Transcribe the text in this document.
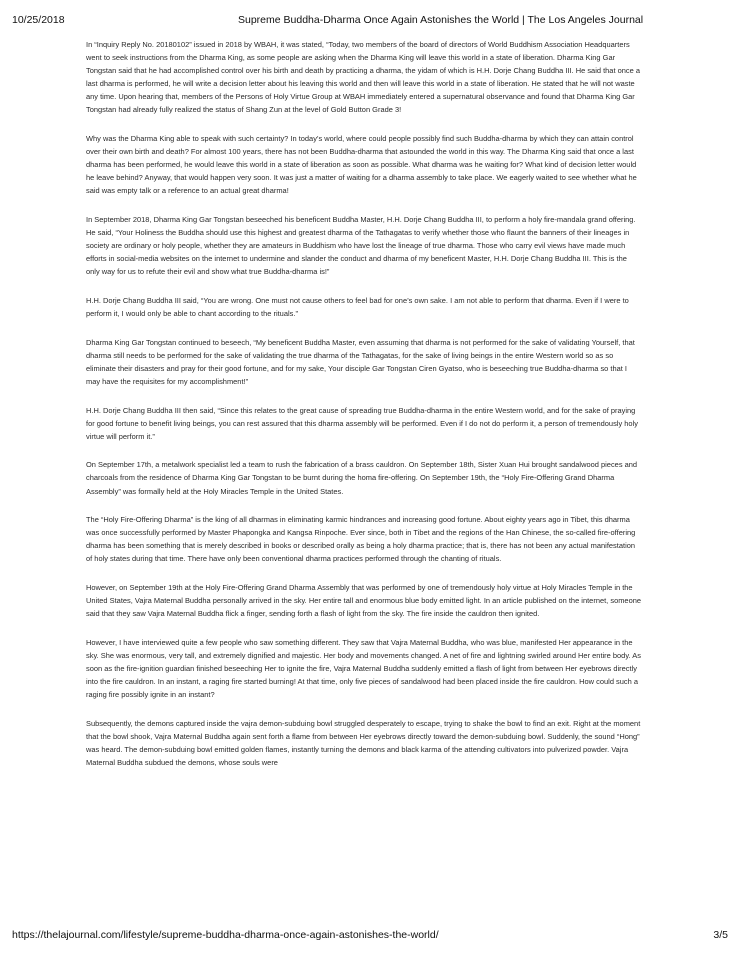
10/25/2018	Supreme Buddha-Dharma Once Again Astonishes the World | The Los Angeles Journal

In “Inquiry Reply No. 20180102” issued in 2018 by WBAH, it was stated, “Today, two members of the board of directors of World Buddhism Association Headquarters went to seek instructions from the Dharma King, as some people are asking when the Dharma King will leave this world in a state of liberation. Dharma King Gar Tongstan said that he had accomplished control over his birth and death by practicing a dharma, the yidam of which is H.H. Dorje Chang Buddha III. He said that once a last dharma is performed, he will write a decision letter about his leaving this world and then will leave this world in a state of liberation. He stated that he will not waste any time. Upon hearing that, members of the Persons of Holy Virtue Group at WBAH immediately entered a supernatural observance and found that Dharma King Gar Tongstan had already fully realized the status of Shang Zun at the level of Gold Button Grade 3!

Why was the Dharma King able to speak with such certainty? In today’s world, where could people possibly find such Buddha-dharma by which they can attain control over their own birth and death? For almost 100 years, there has not been Buddha-dharma that astounded the world in this way. The Dharma King said that once a last dharma has been performed, he would leave this world in a state of liberation as soon as possible. What dharma was he waiting for? What kind of decision letter would he leave behind? Anyway, that would happen very soon. It was just a matter of waiting for a dharma assembly to take place. We eagerly waited to see whether what he said was empty talk or a reference to an actual great dharma!

In September 2018, Dharma King Gar Tongstan beseeched his beneficent Buddha Master, H.H. Dorje Chang Buddha III, to perform a holy fire-mandala grand offering. He said, “Your Holiness the Buddha should use this highest and greatest dharma of the Tathagatas to verify whether those who flaunt the banners of their lineages in society are ordinary or holy people, whether they are amateurs in Buddhism who have lost the lineage of true dharma. Those who carry evil views have made much efforts in social-media websites on the internet to undermine and slander the conduct and dharma of my beneficent Master, H.H. Dorje Chang Buddha III. This is the only way for us to refute their evil and show what true Buddha-dharma is!”

H.H. Dorje Chang Buddha III said, “You are wrong. One must not cause others to feel bad for one’s own sake. I am not able to perform that dharma. Even if I were to perform it, I would only be able to chant according to the rituals.”

Dharma King Gar Tongstan continued to beseech, “My beneficent Buddha Master, even assuming that dharma is not performed for the sake of validating Yourself, that dharma still needs to be performed for the sake of validating the true dharma of the Tathagatas, for the sake of living beings in the entire Western world so as so eliminate their disasters and pray for their good fortune, and for my sake, Your disciple Gar Tongstan Ciren Gyatso, who is beseeching true Buddha-dharma so that I may have the requisites for my accomplishment!”

H.H. Dorje Chang Buddha III then said, “Since this relates to the great cause of spreading true Buddha-dharma in the entire Western world, and for the sake of praying for good fortune to benefit living beings, you can rest assured that this dharma assembly will be performed. Even if I do not do perform it, a person of tremendously holy virtue will perform it.”

On September 17th, a metalwork specialist led a team to rush the fabrication of a brass cauldron. On September 18th, Sister Xuan Hui brought sandalwood pieces and charcoals from the residence of Dharma King Gar Tongstan to be burnt during the homa fire-offering. On September 19th, the “Holy Fire-Offering Grand Dharma Assembly” was formally held at the Holy Miracles Temple in the United States.

The “Holy Fire-Offering Dharma” is the king of all dharmas in eliminating karmic hindrances and increasing good fortune. About eighty years ago in Tibet, this dharma was once successfully performed by Master Phapongka and Kangsa Rinpoche. Ever since, both in Tibet and the regions of the Han Chinese, the so-called fire-offering dharma has been something that is merely described in books or described orally as being a holy dharma practice; that is, there has not been any actual manifestation of holy states during that time. There have only been conventional dharma practices performed through the chanting of rituals.

However, on September 19th at the Holy Fire-Offering Grand Dharma Assembly that was performed by one of tremendously holy virtue at Holy Miracles Temple in the United States, Vajra Maternal Buddha personally arrived in the sky. Her entire tall and enormous blue body emitted light. In an article published on the internet, someone said that they saw Vajra Maternal Buddha flick a finger, sending forth a flash of light from the sky. The fire inside the cauldron then ignited.

However, I have interviewed quite a few people who saw something different. They saw that Vajra Maternal Buddha, who was blue, manifested Her appearance in the sky. She was enormous, very tall, and extremely dignified and majestic. Her body and movements changed. A net of fire and lightning swirled around Her entire body. As soon as the fire-ignition guardian finished beseeching Her to ignite the fire, Vajra Maternal Buddha suddenly emitted a flash of light from between Her eyebrows directly into the fire cauldron. In an instant, a raging fire started burning! At that time, only five pieces of sandalwood had been placed inside the fire cauldron. How could such a raging fire possibly ignite in an instant?

Subsequently, the demons captured inside the vajra demon-subduing bowl struggled desperately to escape, trying to shake the bowl to find an exit. Right at the moment that the bowl shook, Vajra Maternal Buddha again sent forth a flame from between Her eyebrows directly toward the demon-subduing bowl. Suddenly, the sound “Hong” was heard. The demon-subduing bowl emitted golden flames, instantly turning the demons and black karma of the attending cultivators into pulverized powder. Vajra Maternal Buddha subdued the demons, whose souls were

https://thelajournal.com/lifestyle/supreme-buddha-dharma-once-again-astonishes-the-world/	3/5
